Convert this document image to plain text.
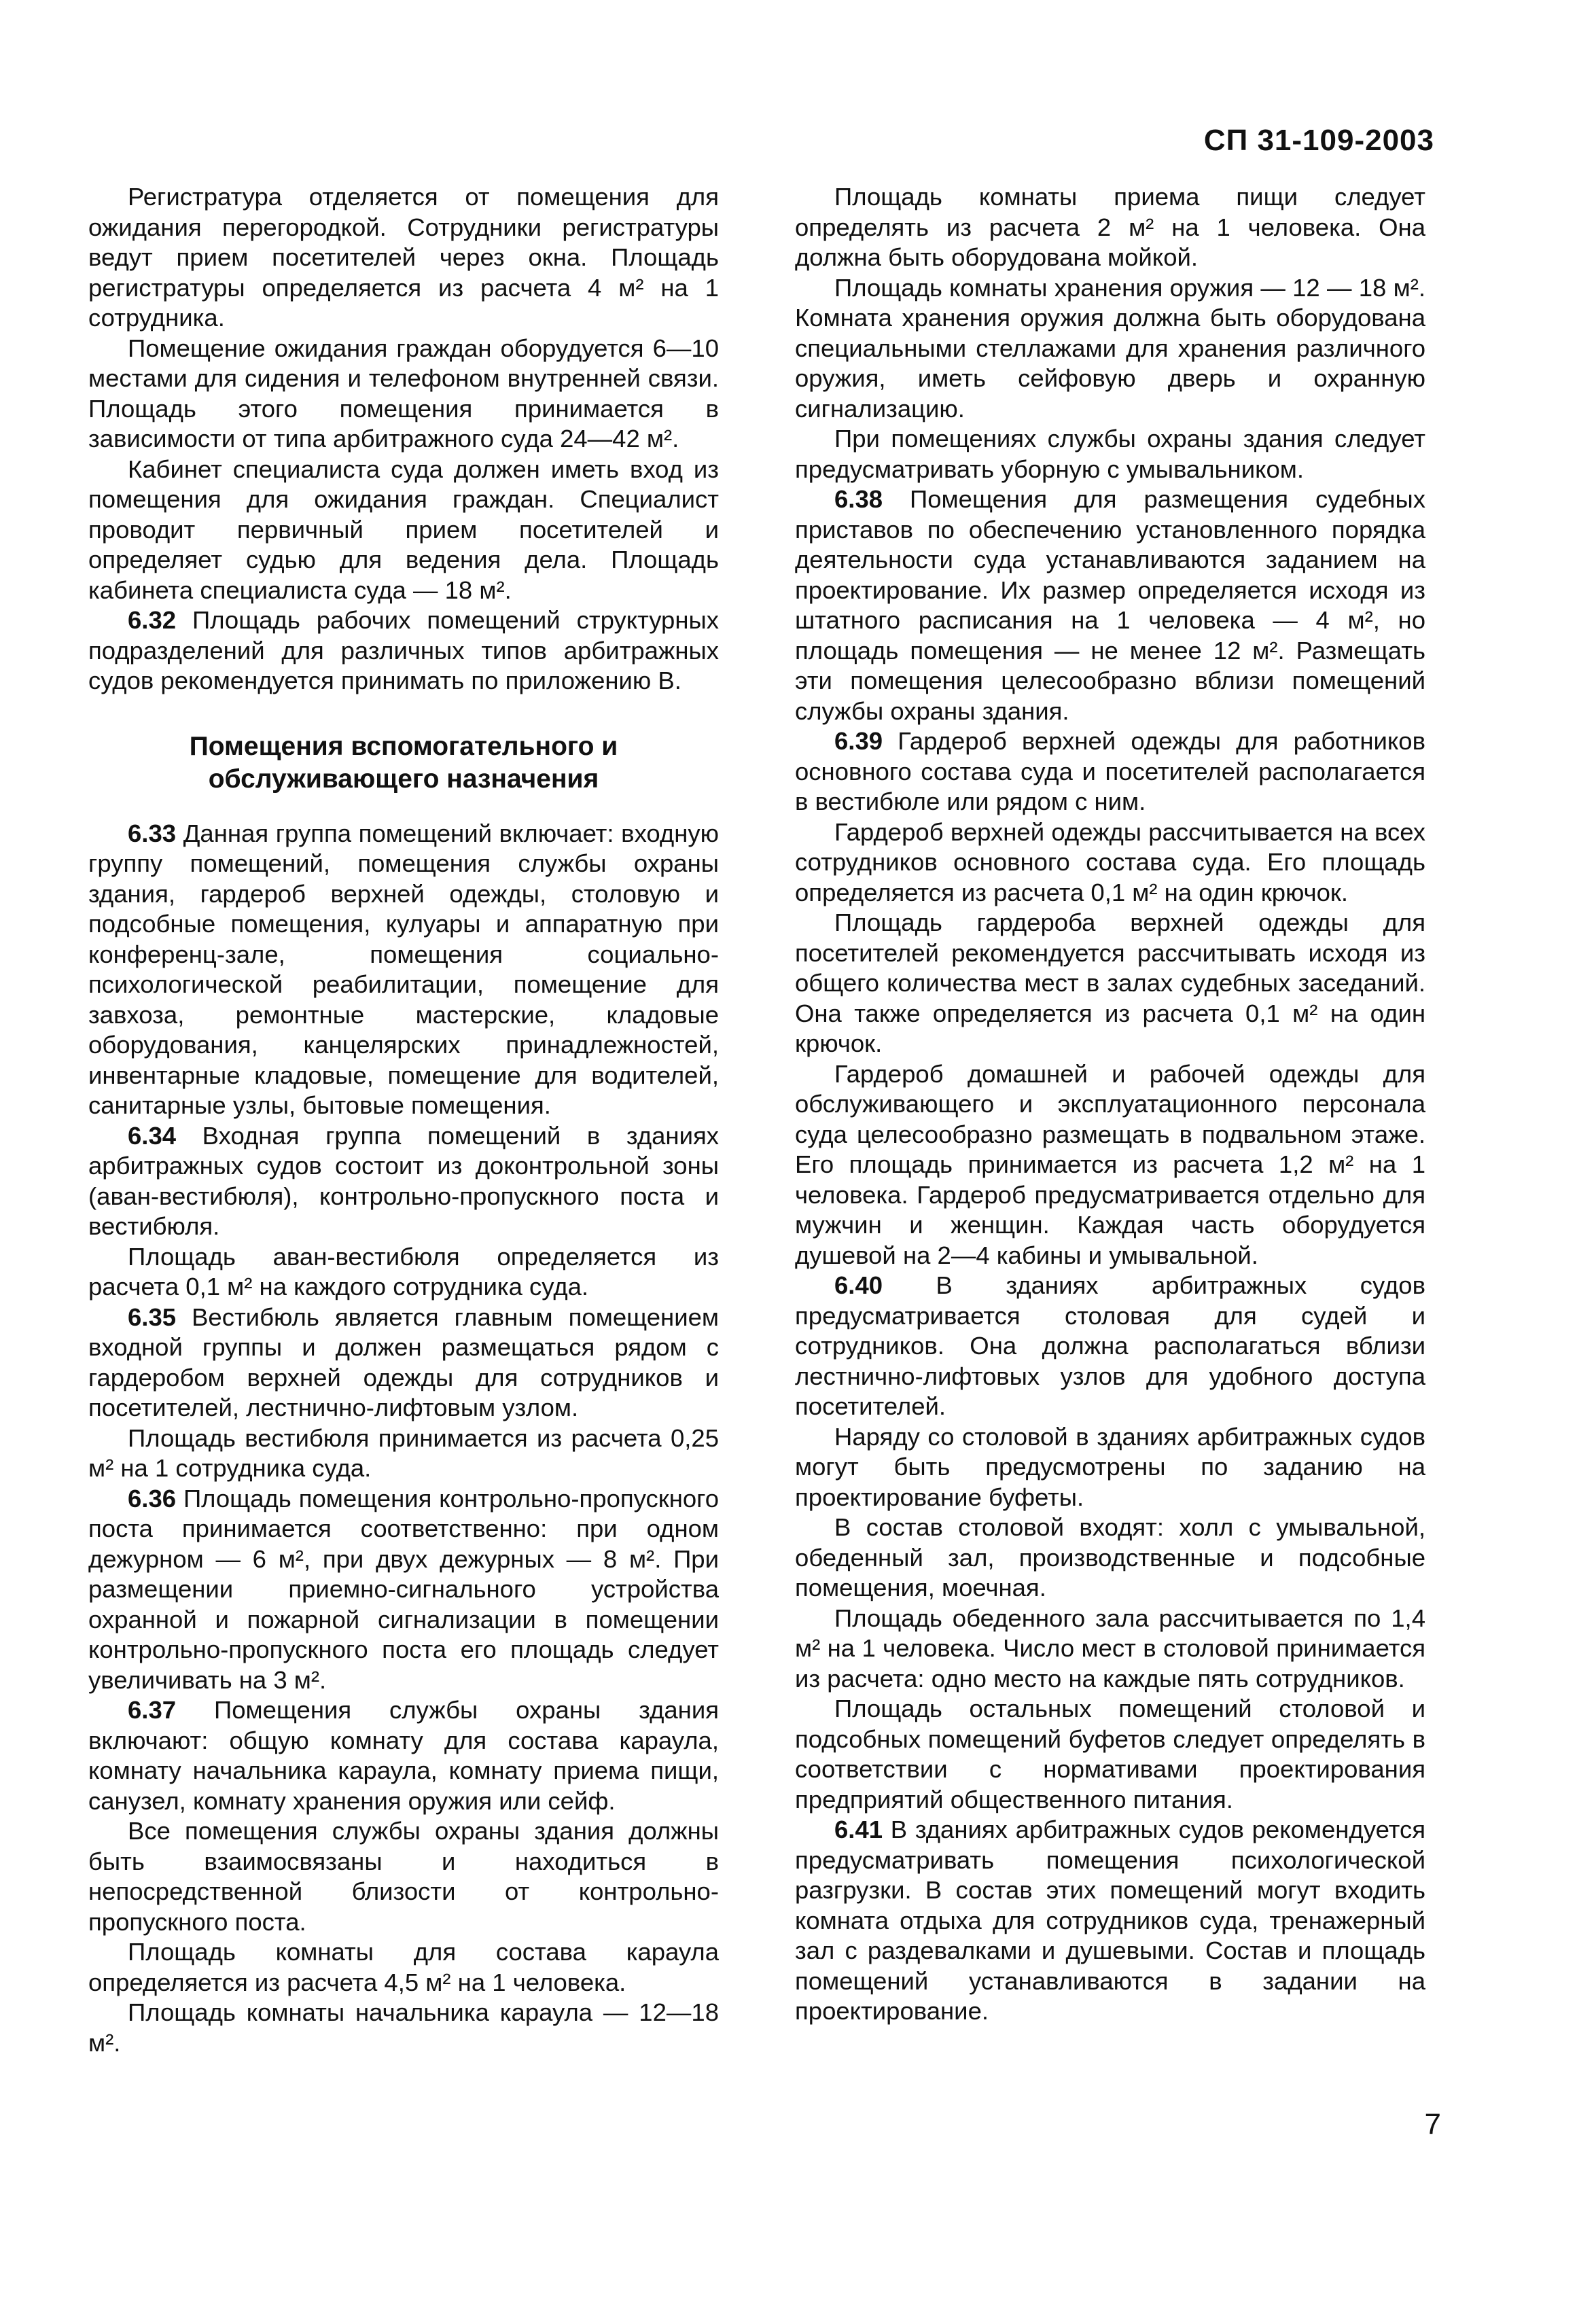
СП 31-109-2003

Регистратура отделяется от помещения для ожидания перегородкой. Сотрудники регистратуры ведут прием посетителей через окна. Площадь регистратуры определяется из расчета 4 м² на 1 сотрудника.

Помещение ожидания граждан оборудуется 6—10 местами для сидения и телефоном внутренней связи. Площадь этого помещения принимается в зависимости от типа арбитражного суда 24—42 м².

Кабинет специалиста суда должен иметь вход из помещения для ожидания граждан. Специалист проводит первичный прием посетителей и определяет судью для ведения дела. Площадь кабинета специалиста суда — 18 м².

6.32 Площадь рабочих помещений структурных подразделений для различных типов арбитражных судов рекомендуется принимать по приложению В.

Помещения вспомогательного и обслуживающего назначения

6.33 Данная группа помещений включает: входную группу помещений, помещения службы охраны здания, гардероб верхней одежды, столовую и подсобные помещения, кулуары и аппаратную при конференц-зале, помещения социально-психологической реабилитации, помещение для завхоза, ремонтные мастерские, кладовые оборудования, канцелярских принадлежностей, инвентарные кладовые, помещение для водителей, санитарные узлы, бытовые помещения.

6.34 Входная группа помещений в зданиях арбитражных судов состоит из доконтрольной зоны (аван-вестибюля), контрольно-пропускного поста и вестибюля.

Площадь аван-вестибюля определяется из расчета 0,1 м² на каждого сотрудника суда.

6.35 Вестибюль является главным помещением входной группы и должен размещаться рядом с гардеробом верхней одежды для сотрудников и посетителей, лестнично-лифтовым узлом.

Площадь вестибюля принимается из расчета 0,25 м² на 1 сотрудника суда.

6.36 Площадь помещения контрольно-пропускного поста принимается соответственно: при одном дежурном — 6 м², при двух дежурных — 8 м². При размещении приемно-сигнального устройства охранной и пожарной сигнализации в помещении контрольно-пропускного поста его площадь следует увеличивать на 3 м².

6.37 Помещения службы охраны здания включают: общую комнату для состава караула, комнату начальника караула, комнату приема пищи, санузел, комнату хранения оружия или сейф.

Все помещения службы охраны здания должны быть взаимосвязаны и находиться в непосредственной близости от контрольно-пропускного поста.

Площадь комнаты для состава караула определяется из расчета 4,5 м² на 1 человека.

Площадь комнаты начальника караула — 12—18 м².

Площадь комнаты приема пищи следует определять из расчета 2 м² на 1 человека. Она должна быть оборудована мойкой.

Площадь комнаты хранения оружия — 12 — 18 м². Комната хранения оружия должна быть оборудована специальными стеллажами для хранения различного оружия, иметь сейфовую дверь и охранную сигнализацию.

При помещениях службы охраны здания следует предусматривать уборную с умывальником.

6.38 Помещения для размещения судебных приставов по обеспечению установленного порядка деятельности суда устанавливаются заданием на проектирование. Их размер определяется исходя из штатного расписания на 1 человека — 4 м², но площадь помещения — не менее 12 м². Размещать эти помещения целесообразно вблизи помещений службы охраны здания.

6.39 Гардероб верхней одежды для работников основного состава суда и посетителей располагается в вестибюле или рядом с ним.

Гардероб верхней одежды рассчитывается на всех сотрудников основного состава суда. Его площадь определяется из расчета 0,1 м² на один крючок.

Площадь гардероба верхней одежды для посетителей рекомендуется рассчитывать исходя из общего количества мест в залах судебных заседаний. Она также определяется из расчета 0,1 м² на один крючок.

Гардероб домашней и рабочей одежды для обслуживающего и эксплуатационного персонала суда целесообразно размещать в подвальном этаже. Его площадь принимается из расчета 1,2 м² на 1 человека. Гардероб предусматривается отдельно для мужчин и женщин. Каждая часть оборудуется душевой на 2—4 кабины и умывальной.

6.40 В зданиях арбитражных судов предусматривается столовая для судей и сотрудников. Она должна располагаться вблизи лестнично-лифтовых узлов для удобного доступа посетителей.

Наряду со столовой в зданиях арбитражных судов могут быть предусмотрены по заданию на проектирование буфеты.

В состав столовой входят: холл с умывальной, обеденный зал, производственные и подсобные помещения, моечная.

Площадь обеденного зала рассчитывается по 1,4 м² на 1 человека. Число мест в столовой принимается из расчета: одно место на каждые пять сотрудников.

Площадь остальных помещений столовой и подсобных помещений буфетов следует определять в соответствии с нормативами проектирования предприятий общественного питания.

6.41 В зданиях арбитражных судов рекомендуется предусматривать помещения психологической разгрузки. В состав этих помещений могут входить комната отдыха для сотрудников суда, тренажерный зал с раздевалками и душевыми. Состав и площадь помещений устанавливаются в задании на проектирование.

7
